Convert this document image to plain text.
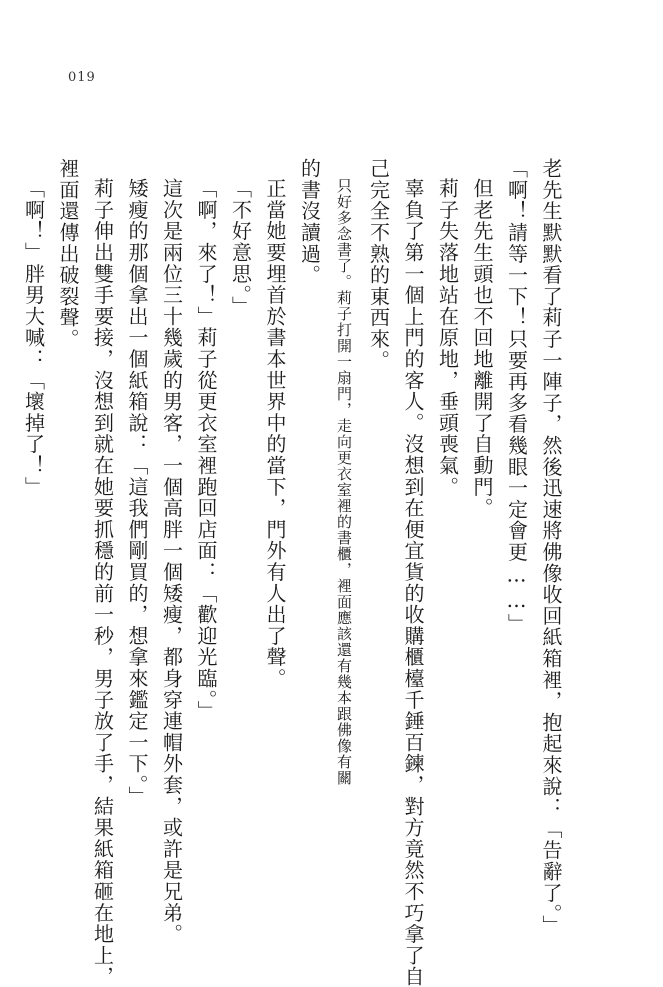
019
老先生默默看了莉子一陣子，然後迅速將佛像收回紙箱裡，抱起來說：「告辭了。」
「啊！請等一下！只要再多看幾眼一定會更……」
但老先生頭也不回地離開了自動門。
莉子失落地站在原地，垂頭喪氣。
辜負了第一個上門的客人。沒想到在便宜貨的收購櫃檯千錘百鍊，對方竟然不巧拿了自
己完全不熟的東西來。
只好多念書了。莉子打開一扇門，走向更衣室裡的書櫃，裡面應該還有幾本跟佛像有關
的書沒讀過。
正當她要埋首於書本世界中的當下，門外有人出了聲。
「不好意思。」
「啊，來了！」莉子從更衣室裡跑回店面：「歡迎光臨。」
這次是兩位三十幾歲的男客，一個高胖一個矮瘦，都身穿連帽外套，或許是兄弟。
矮瘦的那個拿出一個紙箱說：「這我們剛買的，想拿來鑑定一下。」
莉子伸出雙手要接，沒想到就在她要抓穩的前一秒，男子放了手，結果紙箱砸在地上，
裡面還傳出破裂聲。
「啊！」胖男大喊：「壞掉了！」
